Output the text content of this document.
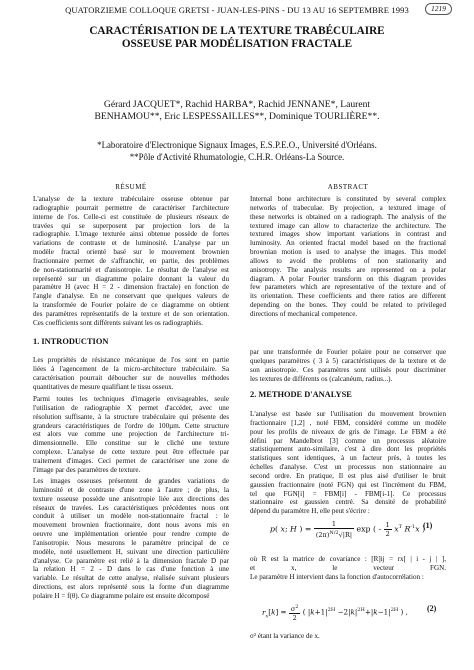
QUATORZIEME COLLOQUE GRETSI - JUAN-LES-PINS - DU 13 AU 16 SEPTEMBRE 1993	1219
CARACTÉRISATION DE LA TEXTURE TRABÉCULAIRE
OSSEUSE PAR MODÉLISATION FRACTALE
Gérard JACQUET*, Rachid HARBA*, Rachid JENNANE*, Laurent
BENHAMOU**, Eric LESPESSAILLES**, Dominique TOURLIÈRE**.
*Laboratoire d'Electronique Signaux Images, E.S.P.E.O., Université d'Orléans.
**Pôle d'Activité Rhumatologie, C.H.R. Orléans-La Source.
RÉSUMÉ
L'analyse de la texture trabéculaire osseuse obtenue par
radiographie pourrait permettre de caractériser l'architecture
interne de l'os. Celle-ci est constituée de plusieurs réseaux de
travées qui se superposent par projection lors de la
radiographie. L'image texturée ainsi obtenue possède de fortes
variations de contraste et de luminosité. L'analyse par un
modèle fractal orienté basé sur le mouvement brownien
fractionnaire permet de s'affranchir, en partie, des problèmes
de non-stationnarité et d'anisotropie. Le résultat de l'analyse est
représenté sur un diagramme polaire donnant la valeur du
paramètre H (avec H = 2 - dimension fractale) en fonction de
l'angle d'analyse. En ne conservant que quelques valeurs de
la transformée de Fourier polaire de ce diagramme on obtient
des paramètres représentatifs de la texture et de son orientation.
Ces coefficients sont différents suivant les os radiographiés.
1. INTRODUCTION
Les propriétés de résistance mécanique de l'os sont en partie
liées à l'agencement de la micro-architecture trabéculaire. Sa
caractérisation pourrait déboucher sur de nouvelles méthodes
quantitatives de mesure qualifiant le tissu osseux.
Parmi toutes les techniques d'imagerie envisageables, seule
l'utilisation de radiographie X permet d'accéder, avec une
résolution suffisante, à la structure trabéculaire qui présente des
grandeurs caractéristiques de l'ordre de 100µm. Cette structure
est alors vue comme une projection de l'architecture tri-
dimensionnelle. Elle constitue sur le cliché une texture
complexe. L'analyse de cette texture peut être effectuée par
traitement d'images. Ceci permet de caractériser une zone de
l'image par des paramètres de texture.
Les images osseuses présentent de grandes variations de
luminosité et de contraste d'une zone à l'autre ; de plus, la
texture osseuse possède une anisotropie liée aux directions des
réseaux de travées. Les caractéristiques précédentes nous ont
conduit à utiliser un modèle non-stationnaire fractal : le
mouvement brownien fractionnaire, dont nous avons mis en
oeuvre une implémentation orientée pour rendre compte de
l'anisotropie. Nous mesurons le paramètre principal de ce
modèle, noté usuellement H, suivant une direction particulière
d'analyse. Ce paramètre est relié à la dimension fractale D par
la relation H = 2 - D dans le cas d'une fonction à une
variable. Le résultat de cette analyse, réalisée suivant plusieurs
directions, est alors représenté sous la forme d'un diagramme
polaire H = f(θ). Ce diagramme polaire est ensuite décomposé
ABSTRACT
Internal bone architecture is constituted by several complex
networks of trabeculae. By projection, a textured image of
these networks is obtained on a radiograph. The analysis of the
textured image can allow to characterize the architecture. The
textured images show important variations in contrast and
luminosity. An oriented fractal model based on the fractional
brownian motion is used to analyse the images. This model
allows to avoid the problems of non stationarity and
anisotropy. The analysis results are represented on a polar
diagram. A polar Fourier transform on this diagram provides
few parameters which are representative of the texture and of
its orientation. These coefficients and there ratios are different
depending on the bones. They could be related to privileged
directions of mechanical competence.
par une transformée de Fourier polaire pour ne conserver que
quelques paramètres ( 3 à 5) caractéristiques de la texture et de
son anisotropie. Ces paramètres sont utilisés pour discriminer
les textures de différents os (calcanéum, radius...).
2. METHODE D'ANALYSE
L'analyse est basée sur l'utilisation du mouvement brownien
fractionnaire [1,2] , noté FBM, considéré comme un modèle
pour les profils de niveaux de gris de l'image. Le FBM a été
défini par Mandelbrot [3] comme un processus aléatoire
statistiquement auto-similaire, c'est à dire dont les propriétés
statistiques sont identiques, à un facteur près, à toutes les
échelles d'analyse. C'est un processus non stationnaire au
second ordre. En pratique, Il est plus aisé d'utiliser le bruit
gaussien fractionnaire (noté FGN) qui est l'incrément du FBM,
tel que FGN[i] = FBM[i] - FBM[i-1]. Ce processus
stationnaire est gaussien centré. Sa densité de probabilité
dépend du paramètre H, elle peut s'écrire :
p( x; H ) = $\frac{1}{(2\pi)^{N/2}√|R|}$ exp ( - $\frac{1}{2} x^T$ $R^{-1}x$ )
(1)
où R est la matrice de covariance : [R]ij = rx[ | i - j | ],
et x, le vecteur FGN.
Le paramètre H intervient dans la fonction d'autocorrélation :
$r_x[k] = \frac{\sigma^2}{2}$ ( $|k+1|^{2H} -2|k|^{2H}+|k-1|^{2H}$ ) , (2)
σ² étant la variance de x.
